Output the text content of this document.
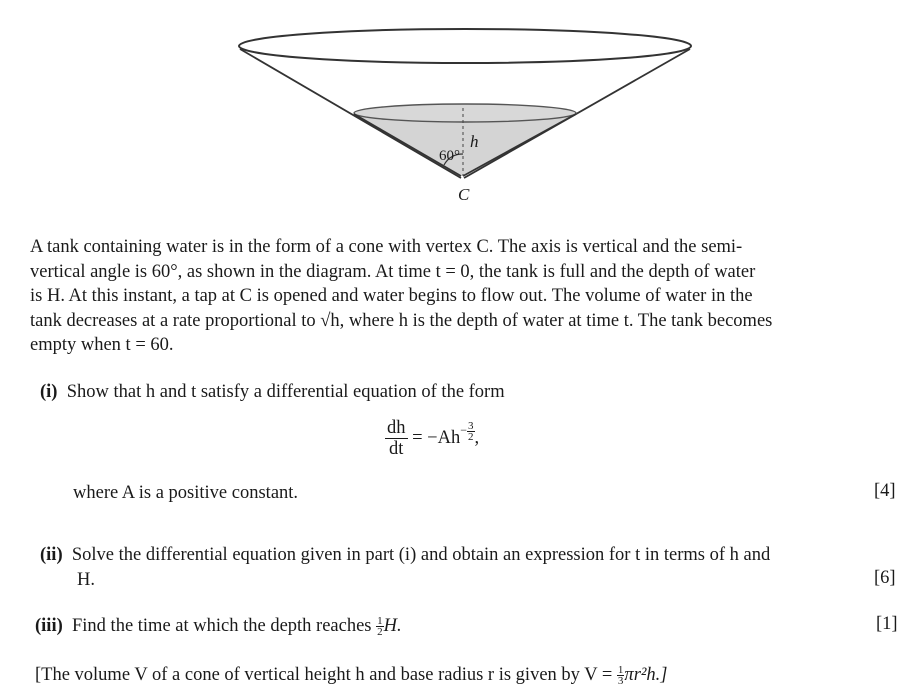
60°
h
C

A tank containing water is in the form of a cone with vertex C. The axis is vertical and the semi-

vertical angle is 60°, as shown in the diagram. At time t = 0, the tank is full and the depth of water

is H. At this instant, a tap at C is opened and water begins to flow out. The volume of water in the

tank decreases at a rate proportional to √h, where h is the depth of water at time t. The tank becomes

empty when t = 60.

(i) Show that h and t satisfy a differential equation of the form
$\frac{dh}{dt} = -Ah^{- \frac{3}{2}}$ ,
where A is a positive constant.	[4]
(ii) Solve the differential equation given in part (i) and obtain an expression for t in terms of h and
H.	[6]
(iii) Find the time at which the depth reaches $\frac{1}{2} H$.	[1]
[The volume V of a cone of vertical height h and base radius r is given by $V = \frac{1}{3} \pi r^2h$.]
